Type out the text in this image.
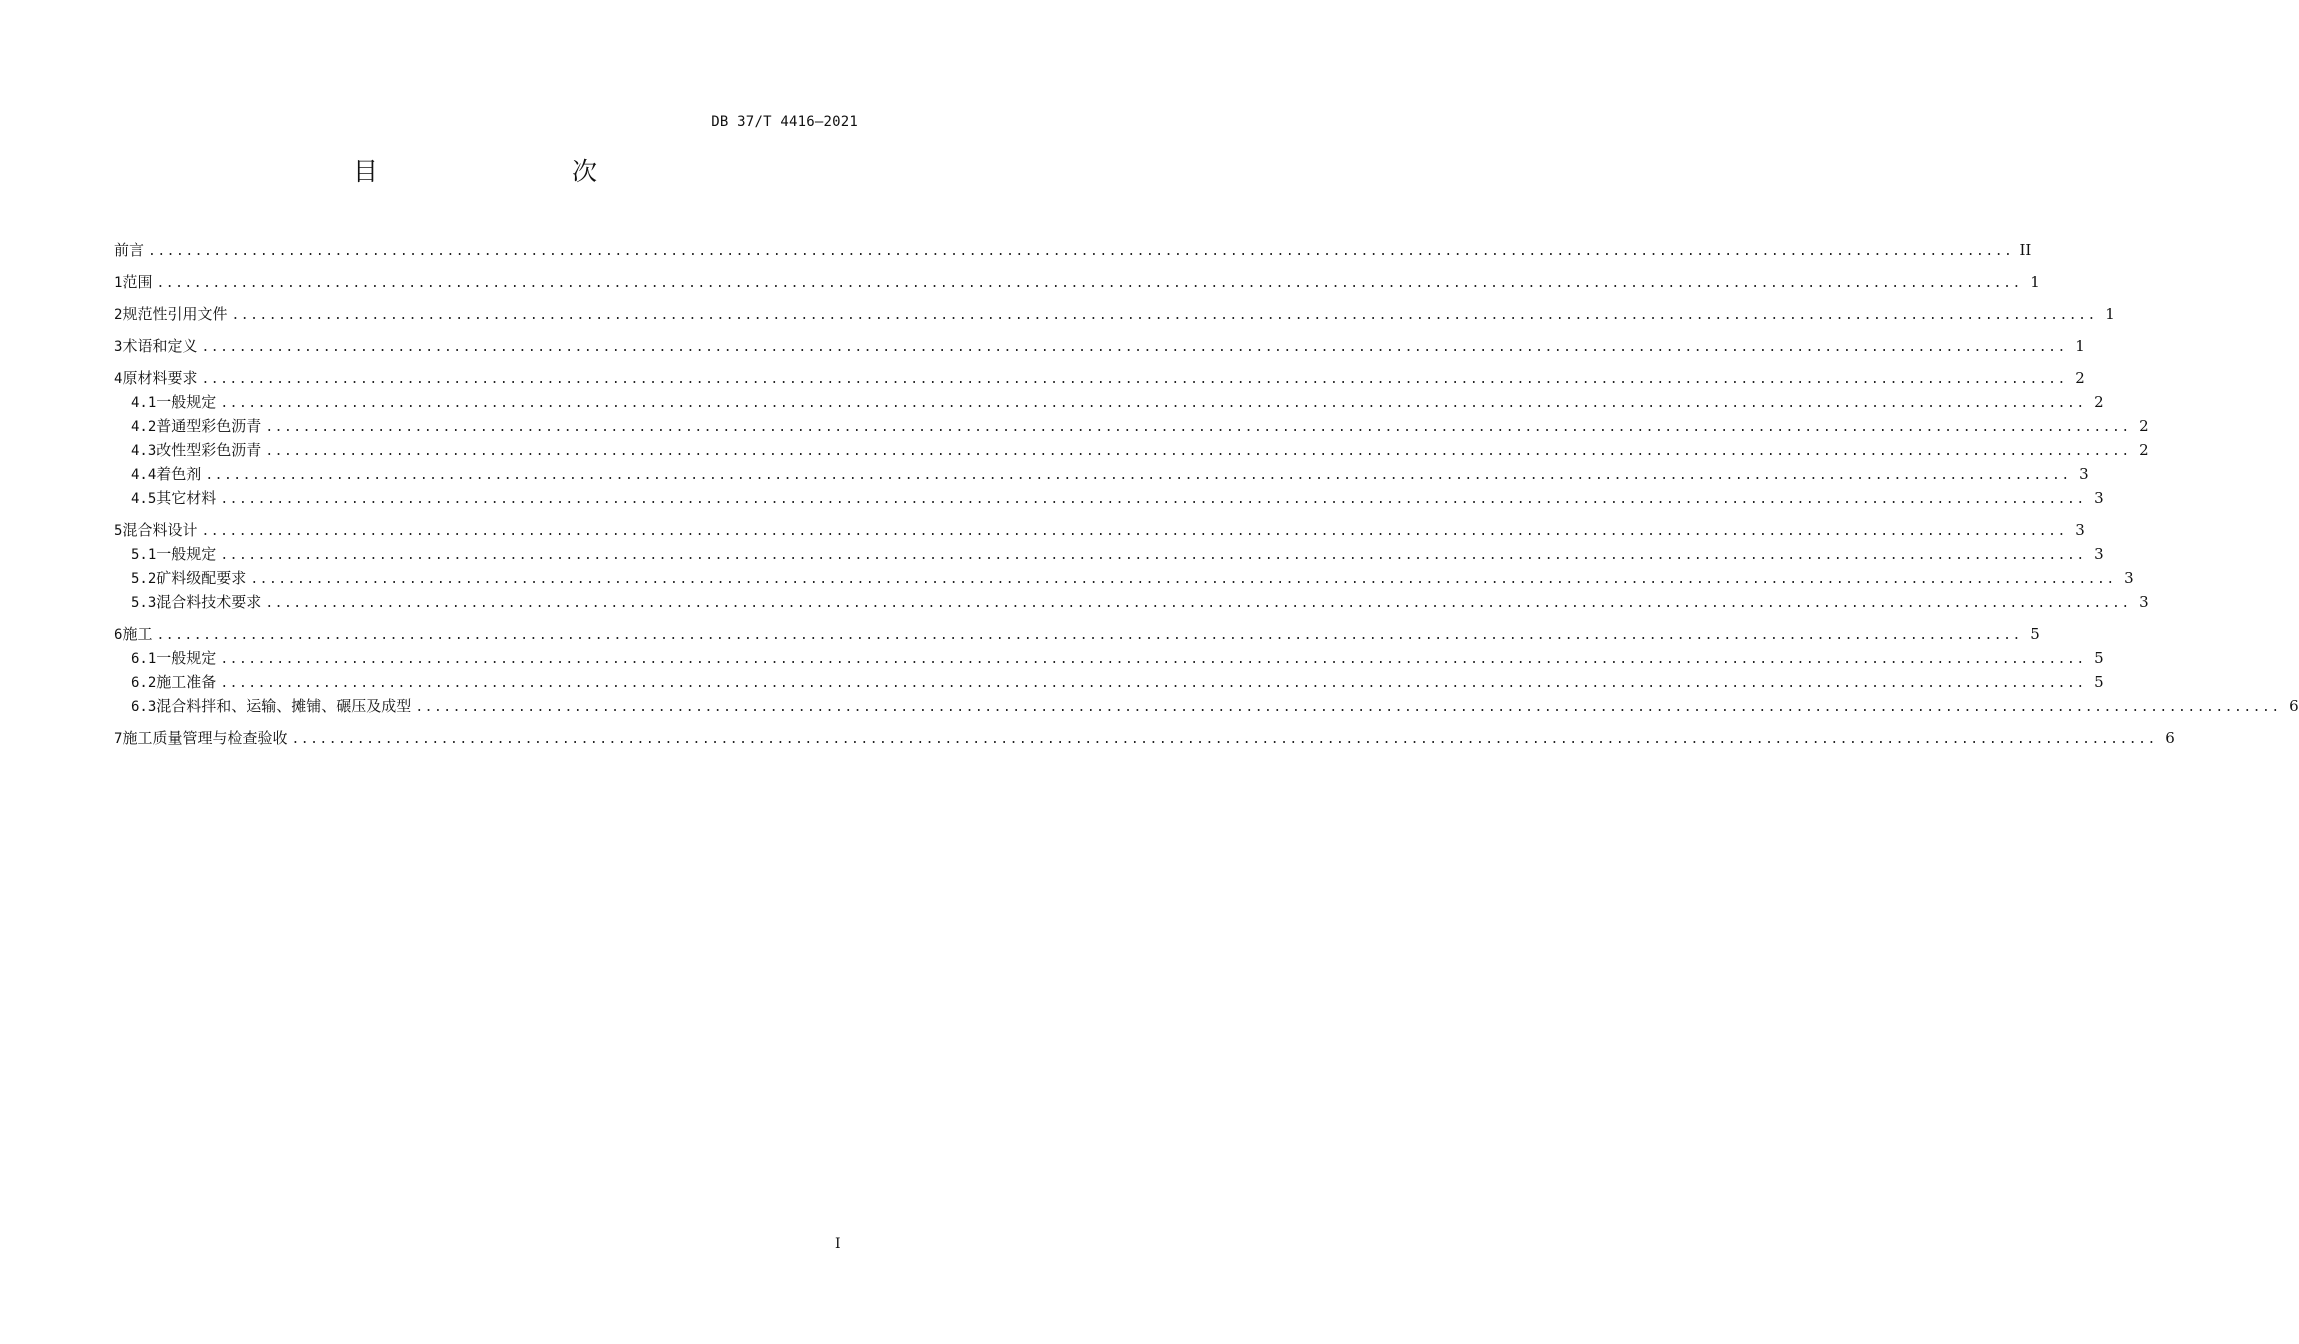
DB 37/T 4416—2021
目　　次
前言 ........................................................................................................................................................................................................ II
1 范围 ........................................................................................................................................................................................................ 1
2 规范性引用文件 ........................................................................................................................................................................................................ 1
3 术语和定义 ........................................................................................................................................................................................................ 1
4 原材料要求 ........................................................................................................................................................................................................ 2
4.1 一般规定 ........................................................................................................................................................................................................ 2
4.2 普通型彩色沥青 ........................................................................................................................................................................................................ 2
4.3 改性型彩色沥青 ........................................................................................................................................................................................................ 2
4.4 着色剂 ........................................................................................................................................................................................................ 3
4.5 其它材料 ........................................................................................................................................................................................................ 3
5 混合料设计 ........................................................................................................................................................................................................ 3
5.1 一般规定 ........................................................................................................................................................................................................ 3
5.2 矿料级配要求 ........................................................................................................................................................................................................ 3
5.3 混合料技术要求 ........................................................................................................................................................................................................ 3
6 施工 ........................................................................................................................................................................................................ 5
6.1 一般规定 ........................................................................................................................................................................................................ 5
6.2 施工准备 ........................................................................................................................................................................................................ 5
6.3 混合料拌和、运输、摊铺、碾压及成型 ........................................................................................................................................................................................................ 6
7 施工质量管理与检查验收 ........................................................................................................................................................................................................ 6
I
